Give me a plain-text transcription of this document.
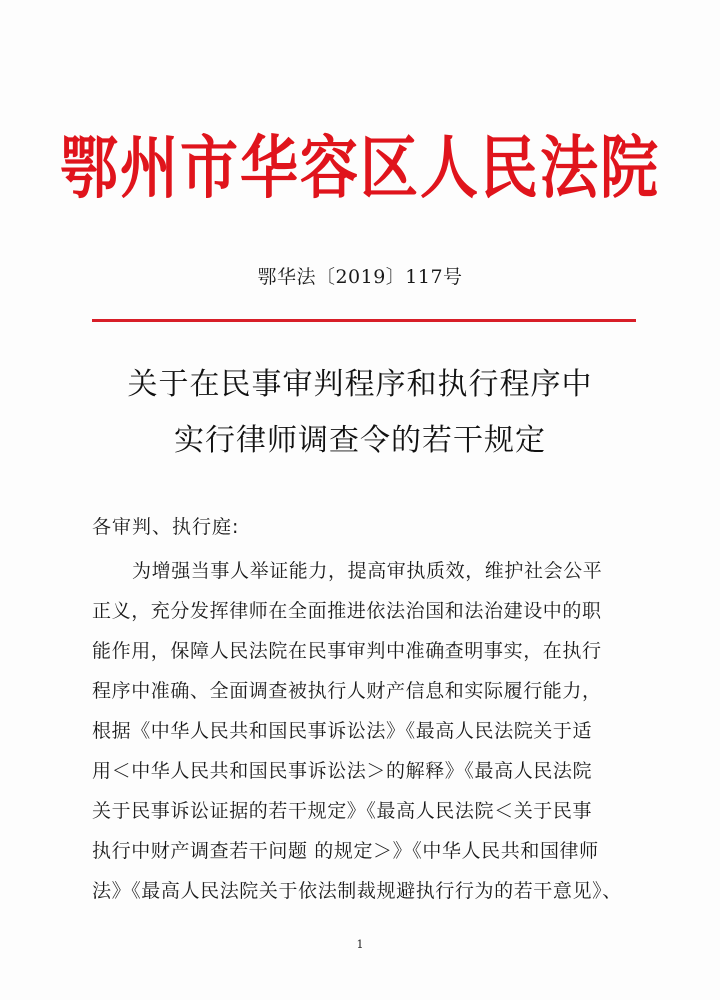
鄂州市华容区人民法院
鄂华法〔2019〕117号
关于在民事审判程序和执行程序中
实行律师调查令的若干规定
各审判、执行庭:
为增强当事人举证能力，提高审执质效，维护社会公平
正义，充分发挥律师在全面推进依法治国和法治建设中的职
能作用，保障人民法院在民事审判中准确查明事实，在执行
程序中准确、全面调查被执行人财产信息和实际履行能力，
根据《中华人民共和国民事诉讼法》《最高人民法院关于适
用＜中华人民共和国民事诉讼法＞的解释》《最高人民法院
关于民事诉讼证据的若干规定》《最高人民法院＜关于民事
执行中财产调查若干问题 的规定＞》《中华人民共和国律师
法》《最高人民法院关于依法制裁规避执行行为的若干意见》、
1
